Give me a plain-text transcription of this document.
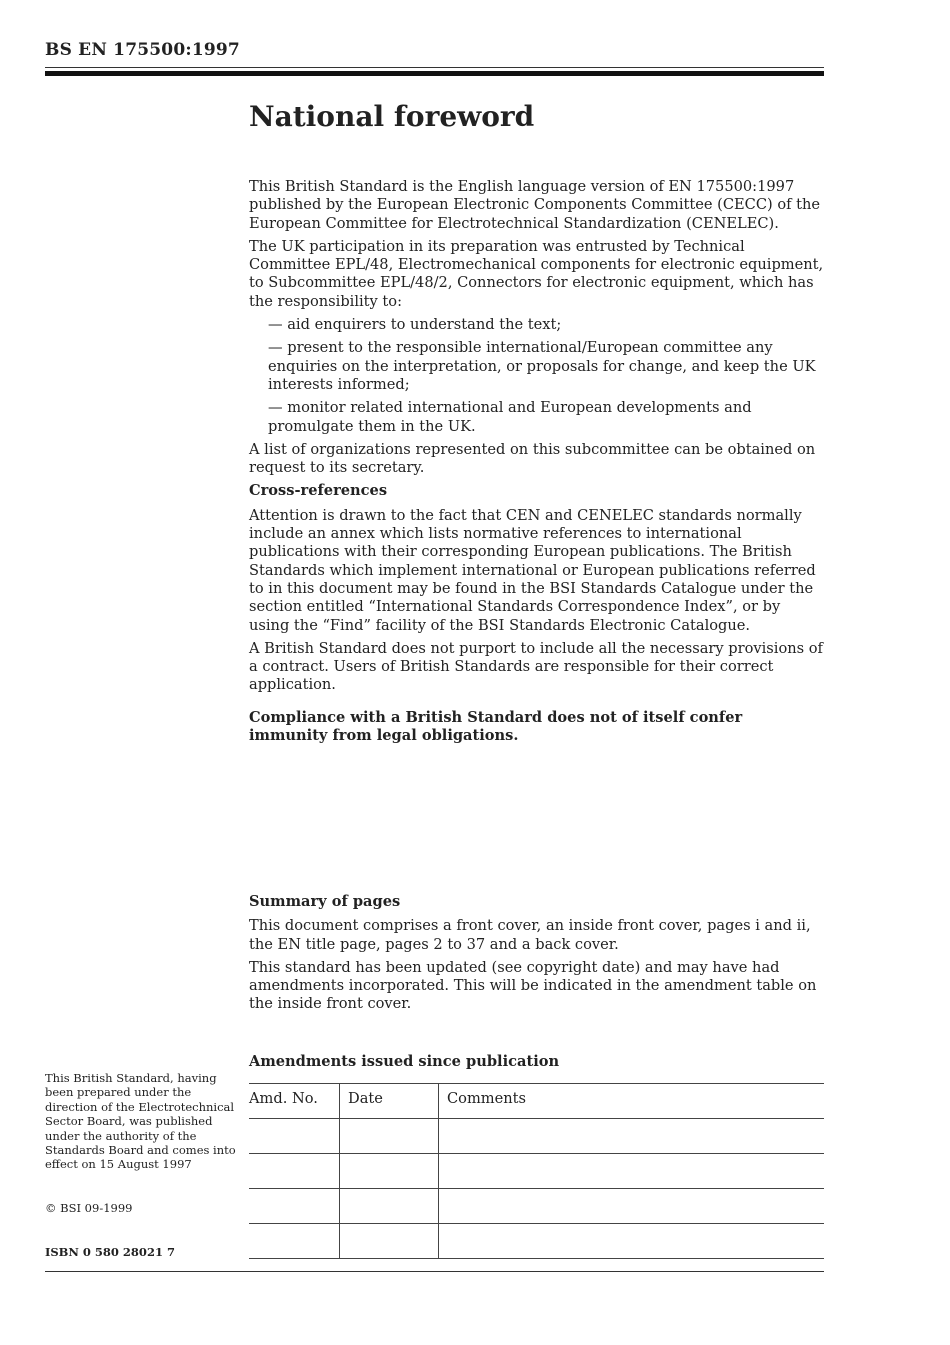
BS EN 175500:1997
National foreword

This British Standard is the English language version of EN 175500:1997 published by the European Electronic Components Committee (CECC) of the European Committee for Electrotechnical Standardization (CENELEC).

The UK participation in its preparation was entrusted by Technical Committee EPL/48, Electromechanical components for electronic equipment, to Subcommittee EPL/48/2, Connectors for electronic equipment, which has the responsibility to:

— aid enquirers to understand the text;

— present to the responsible international/European committee any enquiries on the interpretation, or proposals for change, and keep the UK interests informed;

— monitor related international and European developments and promulgate them in the UK.

A list of organizations represented on this subcommittee can be obtained on request to its secretary.

Cross-references

Attention is drawn to the fact that CEN and CENELEC standards normally include an annex which lists normative references to international publications with their corresponding European publications. The British Standards which implement international or European publications referred to in this document may be found in the BSI Standards Catalogue under the section entitled “International Standards Correspondence Index”, or by using the “Find” facility of the BSI Standards Electronic Catalogue.

A British Standard does not purport to include all the necessary provisions of a contract. Users of British Standards are responsible for their correct application.

Compliance with a British Standard does not of itself confer immunity from legal obligations.

Summary of pages

This document comprises a front cover, an inside front cover, pages i and ii, the EN title page, pages 2 to 37 and a back cover.

This standard has been updated (see copyright date) and may have had amendments incorporated. This will be indicated in the amendment table on the inside front cover.

Amendments issued since publication
Amd. No.	Date	Comments

This British Standard, having been prepared under the direction of the Electrotechnical Sector Board, was published under the authority of the Standards Board and comes into effect on 15 August 1997

© BSI 09-1999

ISBN 0 580 28021 7
